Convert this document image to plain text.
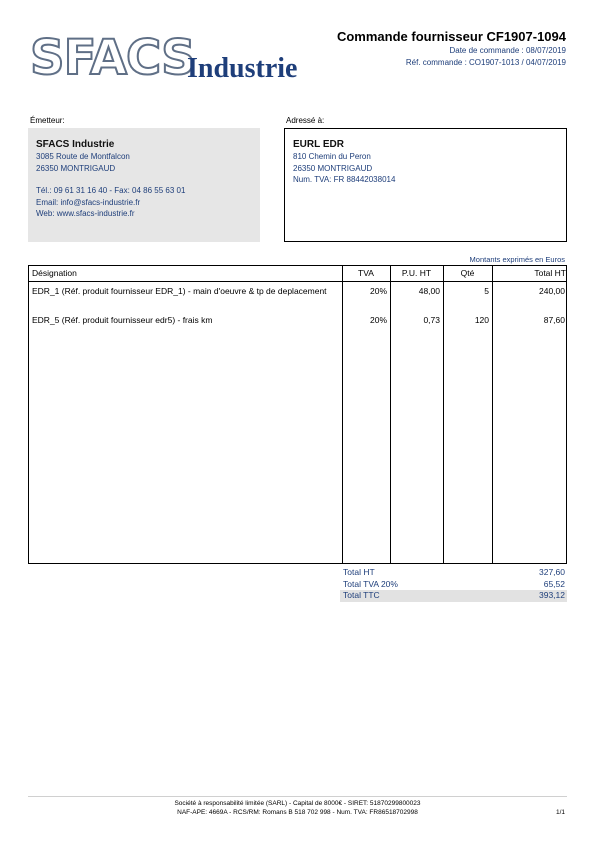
SFACS
Industrie
Commande fournisseur CF1907-1094
Date de commande : 08/07/2019
Réf. commande : CO1907-1013 / 04/07/2019
Émetteur:	Adressé à:
SFACS Industrie
3085 Route de Montfalcon
26350 MONTRIGAUD
Tél.: 09 61 31 16 40 - Fax: 04 86 55 63 01
Email: info@sfacs-industrie.fr
Web: www.sfacs-industrie.fr
EURL EDR
810 Chemin du Peron
26350 MONTRIGAUD
Num. TVA: FR 88442038014
Montants exprimés en Euros
Désignation	TVA	P.U. HT	Qté	Total HT
EDR_1 (Réf. produit fournisseur EDR_1) - main d'oeuvre & tp de deplacement	20%	48,00	5	240,00
EDR_5 (Réf. produit fournisseur edr5) - frais km	20%	0,73	120	87,60
Total HT	327,60
Total TVA 20%	65,52
Total TTC	393,12
Société à responsabilité limitée (SARL) - Capital de 8000€ - SIRET: 51870299800023
NAF-APE: 4669A - RCS/RM: Romans B 518 702 998 - Num. TVA: FR86518702998	1/1
